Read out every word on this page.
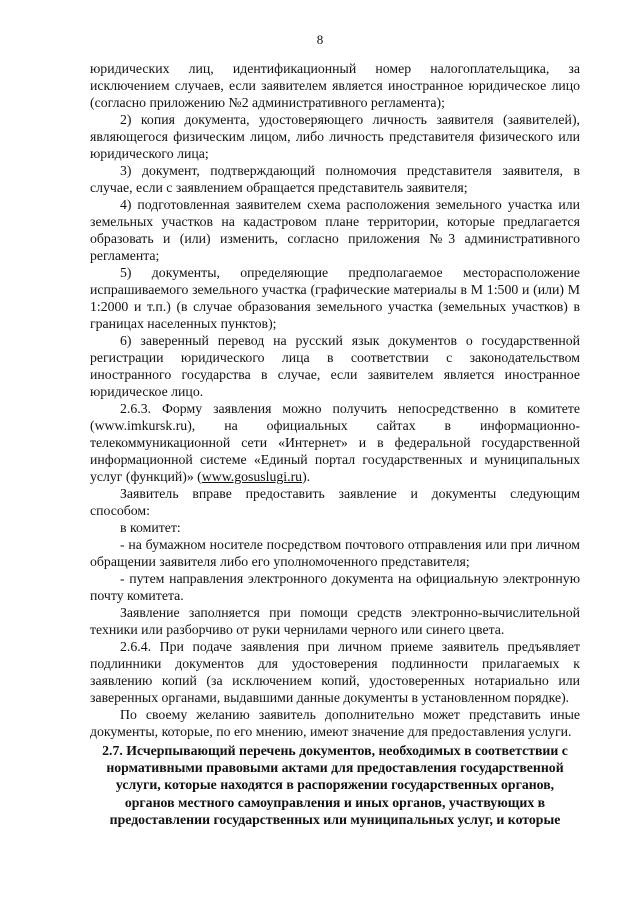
8

юридических лиц, идентификационный номер налогоплательщика, за исключением случаев, если заявителем является иностранное юридическое лицо (согласно приложению №2 административного регламента);

2) копия документа, удостоверяющего личность заявителя (заявителей), являющегося физическим лицом, либо личность представителя физического или юридического лица;

3) документ, подтверждающий полномочия представителя заявителя, в случае, если с заявлением обращается представитель заявителя;

4) подготовленная заявителем схема расположения земельного участка или земельных участков на кадастровом плане территории, которые предлагается образовать и (или) изменить, согласно приложения №3 административного регламента;

5) документы, определяющие предполагаемое месторасположение испрашиваемого земельного участка (графические материалы в М 1:500 и (или) М 1:2000 и т.п.) (в случае образования земельного участка (земельных участков) в границах населенных пунктов);

6) заверенный перевод на русский язык документов о государственной регистрации юридического лица в соответствии с законодательством иностранного государства в случае, если заявителем является иностранное юридическое лицо.

2.6.3. Форму заявления можно получить непосредственно в комитете (www.imkursk.ru), на официальных сайтах в информационно-телекоммуникационной сети «Интернет» и в федеральной государственной информационной системе «Единый портал государственных и муниципальных услуг (функций)» (www.gosuslugi.ru).

Заявитель вправе предоставить заявление и документы следующим способом:

в комитет:

- на бумажном носителе посредством почтового отправления или при личном обращении заявителя либо его уполномоченного представителя;

- путем направления электронного документа на официальную электронную почту комитета.

Заявление заполняется при помощи средств электронно-вычислительной техники или разборчиво от руки чернилами черного или синего цвета.

2.6.4. При подаче заявления при личном приеме заявитель предъявляет подлинники документов для удостоверения подлинности прилагаемых к заявлению копий (за исключением копий, удостоверенных нотариально или заверенных органами, выдавшими данные документы в установленном порядке).

По своему желанию заявитель дополнительно может представить иные документы, которые, по его мнению, имеют значение для предоставления услуги.

2.7. Исчерпывающий перечень документов, необходимых в соответствии с нормативными правовыми актами для предоставления государственной услуги, которые находятся в распоряжении государственных органов, органов местного самоуправления и иных органов, участвующих в предоставлении государственных или муниципальных услуг, и которые
